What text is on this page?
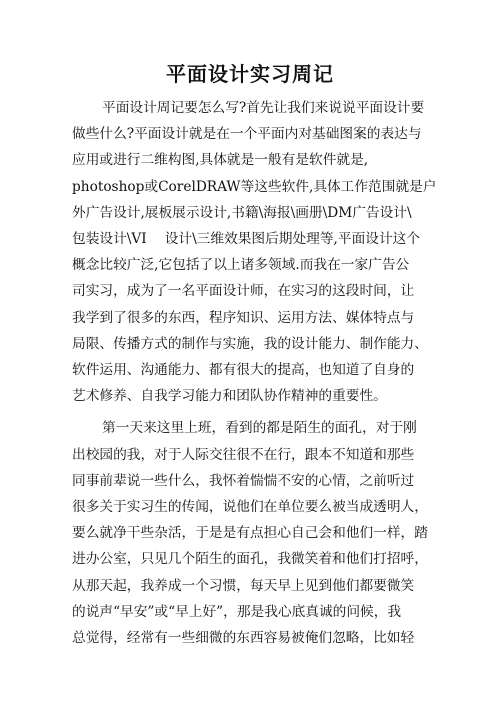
平面设计实习周记

平面设计周记要怎么写?首先让我们来说说平面设计要
做些什么?平面设计就是在一个平面内对基础图案的表达与
应用或进行二维构图,具体就是一般有是软件就是,
photoshop或CorelDRAW等这些软件,具体工作范围就是户
外广告设计,展板展示设计,书籍\海报\画册\DM广告设计\
包装设计\VI　 设计\三维效果图后期处理等,平面设计这个
概念比较广泛,它包括了以上诸多领域.而我在一家广告公
司实习，成为了一名平面设计师，在实习的这段时间，让
我学到了很多的东西，程序知识、运用方法、媒体特点与
局限、传播方式的制作与实施，我的设计能力、制作能力、
软件运用、沟通能力、都有很大的提高，也知道了自身的
艺术修养、自我学习能力和团队协作精神的重要性。

第一天来这里上班，看到的都是陌生的面孔，对于刚
出校园的我，对于人际交往很不在行，跟本不知道和那些
同事前辈说一些什么，我怀着惴惴不安的心情，之前听过
很多关于实习生的传闻，说他们在单位要么被当成透明人，
要么就净干些杂活，于是是有点担心自己会和他们一样，踏
进办公室，只见几个陌生的面孔，我微笑着和他们打招呼，
从那天起，我养成一个习惯，每天早上见到他们都要微笑
的说声“早安”或“早上好”，那是我心底真诚的问候，我
总觉得，经常有一些细微的东西容易被俺们忽略，比如轻
